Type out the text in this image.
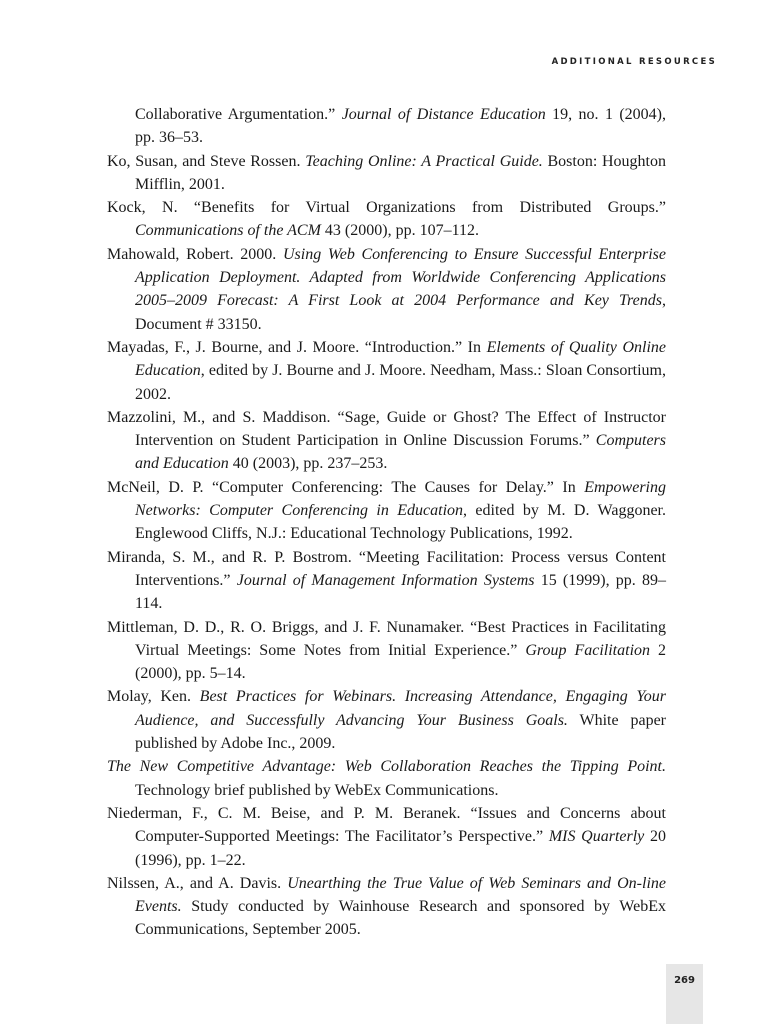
ADDITIONAL RESOURCES

Collaborative Argumentation.” Journal of Distance Education 19, no. 1 (2004), pp. 36–53.

Ko, Susan, and Steve Rossen. Teaching Online: A Practical Guide. Boston: Houghton Mifflin, 2001.

Kock, N. “Benefits for Virtual Organizations from Distributed Groups.” Communications of the ACM 43 (2000), pp. 107–112.

Mahowald, Robert. 2000. Using Web Conferencing to Ensure Successful Enterprise Application Deployment. Adapted from Worldwide Conferencing Applications 2005–2009 Forecast: A First Look at 2004 Performance and Key Trends, Document # 33150.

Mayadas, F., J. Bourne, and J. Moore. “Introduction.” In Elements of Quality Online Education, edited by J. Bourne and J. Moore. Needham, Mass.: Sloan Consortium, 2002.

Mazzolini, M., and S. Maddison. “Sage, Guide or Ghost? The Effect of Instructor Intervention on Student Participation in Online Discussion Forums.” Computers and Education 40 (2003), pp. 237–253.

McNeil, D. P. “Computer Conferencing: The Causes for Delay.” In Empowering Networks: Computer Conferencing in Education, edited by M. D. Waggoner. Englewood Cliffs, N.J.: Educational Technology Publications, 1992.

Miranda, S. M., and R. P. Bostrom. “Meeting Facilitation: Process versus Content Interventions.” Journal of Management Information Systems 15 (1999), pp. 89–114.

Mittleman, D. D., R. O. Briggs, and J. F. Nunamaker. “Best Practices in Facilitating Virtual Meetings: Some Notes from Initial Experience.” Group Facilitation 2 (2000), pp. 5–14.

Molay, Ken. Best Practices for Webinars. Increasing Attendance, Engaging Your Audience, and Successfully Advancing Your Business Goals. White paper published by Adobe Inc., 2009.

The New Competitive Advantage: Web Collaboration Reaches the Tipping Point. Technology brief published by WebEx Communications.

Niederman, F., C. M. Beise, and P. M. Beranek. “Issues and Concerns about Computer-Supported Meetings: The Facilitator’s Perspective.” MIS Quarterly 20 (1996), pp. 1–22.

Nilssen, A., and A. Davis. Unearthing the True Value of Web Seminars and On-line Events. Study conducted by Wainhouse Research and sponsored by WebEx Communications, September 2005.

269
